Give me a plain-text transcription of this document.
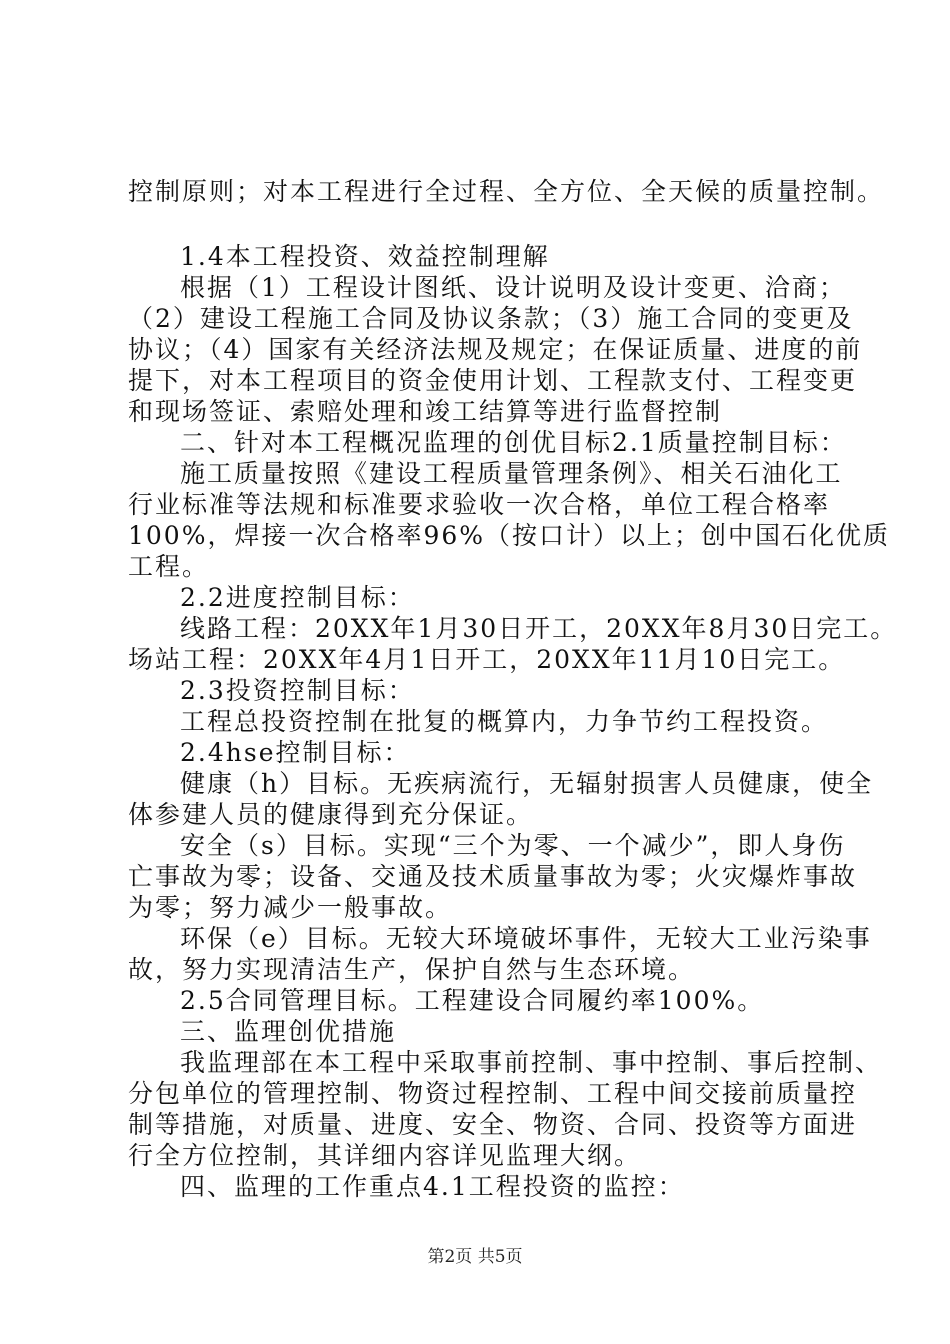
控制原则；对本工程进行全过程、全方位、全天候的质量控制。

1.4本工程投资、效益控制理解

根据（1）工程设计图纸、设计说明及设计变更、洽商；

（2）建设工程施工合同及协议条款；（3）施工合同的变更及

协议；（4）国家有关经济法规及规定；在保证质量、进度的前

提下，对本工程项目的资金使用计划、工程款支付、工程变更

和现场签证、索赔处理和竣工结算等进行监督控制

二、针对本工程概况监理的创优目标2.1质量控制目标：

施工质量按照《建设工程质量管理条例》、相关石油化工

行业标准等法规和标准要求验收一次合格，单位工程合格率

100%，焊接一次合格率96%（按口计）以上；创中国石化优质

工程。

2.2进度控制目标：

线路工程：20XX年1月30日开工，20XX年8月30日完工。

场站工程：20XX年4月1日开工，20XX年11月10日完工。

2.3投资控制目标：

工程总投资控制在批复的概算内，力争节约工程投资。

2.4hse控制目标：

健康（h）目标。无疾病流行，无辐射损害人员健康，使全

体参建人员的健康得到充分保证。

安全（s）目标。实现“三个为零、一个减少”，即人身伤

亡事故为零；设备、交通及技术质量事故为零；火灾爆炸事故

为零；努力减少一般事故。

环保（e）目标。无较大环境破坏事件，无较大工业污染事

故，努力实现清洁生产，保护自然与生态环境。

2.5合同管理目标。工程建设合同履约率100%。

三、监理创优措施

我监理部在本工程中采取事前控制、事中控制、事后控制、

分包单位的管理控制、物资过程控制、工程中间交接前质量控

制等措施，对质量、进度、安全、物资、合同、投资等方面进

行全方位控制，其详细内容详见监理大纲。

四、监理的工作重点4.1工程投资的监控：

第2页 共5页
